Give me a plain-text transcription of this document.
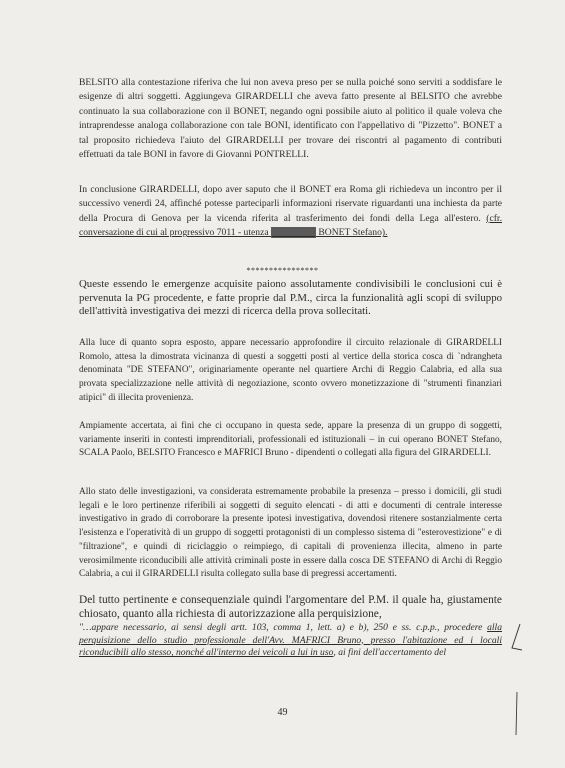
BELSITO alla contestazione riferiva che lui non aveva preso per se nulla poiché sono serviti a soddisfare le esigenze di altri soggetti. Aggiungeva GIRARDELLI che aveva fatto presente al BELSITO che avrebbe continuato la sua collaborazione con il BONET, negando ogni possibile aiuto al politico il quale voleva che intraprendesse analoga collaborazione con tale BONI, identificato con l'appellativo di "Pizzetto". BONET a tal proposito richiedeva l'aiuto del GIRARDELLI per trovare dei riscontri al pagamento di contributi effettuati da tale BONI in favore di Giovanni PONTRELLI.

In conclusione GIRARDELLI, dopo aver saputo che il BONET era Roma gli richiedeva un incontro per il successivo venerdì 24, affinché potesse parteciparli informazioni riservate riguardanti una inchiesta da parte della Procura di Genova per la vicenda riferita al trasferimento dei fondi della Lega all'estero. (cfr. conversazione di cui al progressivo 7011 - utenza	BONET Stefano).

****************

Queste essendo le emergenze acquisite paiono assolutamente condivisibili le conclusioni cui è pervenuta la PG procedente, e fatte proprie dal P.M., circa la funzionalità agli scopi di sviluppo dell'attività investigativa dei mezzi di ricerca della prova sollecitati.

Alla luce di quanto sopra esposto, appare necessario approfondire il circuito relazionale di GIRARDELLI Romolo, attesa la dimostrata vicinanza di questi a soggetti posti al vertice della storica cosca di `ndrangheta denominata "DE STEFANO", originariamente operante nel quartiere Archi di Reggio Calabria, ed alla sua provata specializzazione nelle attività di negoziazione, sconto ovvero monetizzazione di "strumenti finanziari atipici" di illecita provenienza.

Ampiamente accertata, ai fini che ci occupano in questa sede, appare la presenza di un gruppo di soggetti, variamente inseriti in contesti imprenditoriali, professionali ed istituzionali – in cui operano BONET Stefano, SCALA Paolo, BELSITO Francesco e MAFRICI Bruno - dipendenti o collegati alla figura del GIRARDELLI.

Allo stato delle investigazioni, va considerata estremamente probabile la presenza – presso i domicili, gli studi legali e le loro pertinenze riferibili ai soggetti di seguito elencati - di atti e documenti di centrale interesse investigativo in grado di corroborare la presente ipotesi investigativa, dovendosi ritenere sostanzialmente certa l'esistenza e l'operatività di un gruppo di soggetti protagonisti di un complesso sistema di "esterovestizione" e di "filtrazione", e quindi di riciclaggio o reimpiego, di capitali di provenienza illecita, almeno in parte verosimilmente riconducibili alle attività criminali poste in essere dalla cosca DE STEFANO di Archi di Reggio Calabria, a cui il GIRARDELLI risulta collegato sulla base di pregressi accertamenti.

Del tutto pertinente e consequenziale quindi l'argomentare del P.M. il quale ha, giustamente chiosato, quanto alla richiesta di autorizzazione alla perquisizione,

"…appare necessario, ai sensi degli artt. 103, comma 1, lett. a) e b), 250 e ss. c.p.p., procedere alla perquisizione dello studio professionale dell'Avv. MAFRICI Bruno, presso l'abitazione ed i locali riconducibili allo stesso, nonché all'interno dei veicoli a lui in uso, ai fini dell'accertamento del

49
